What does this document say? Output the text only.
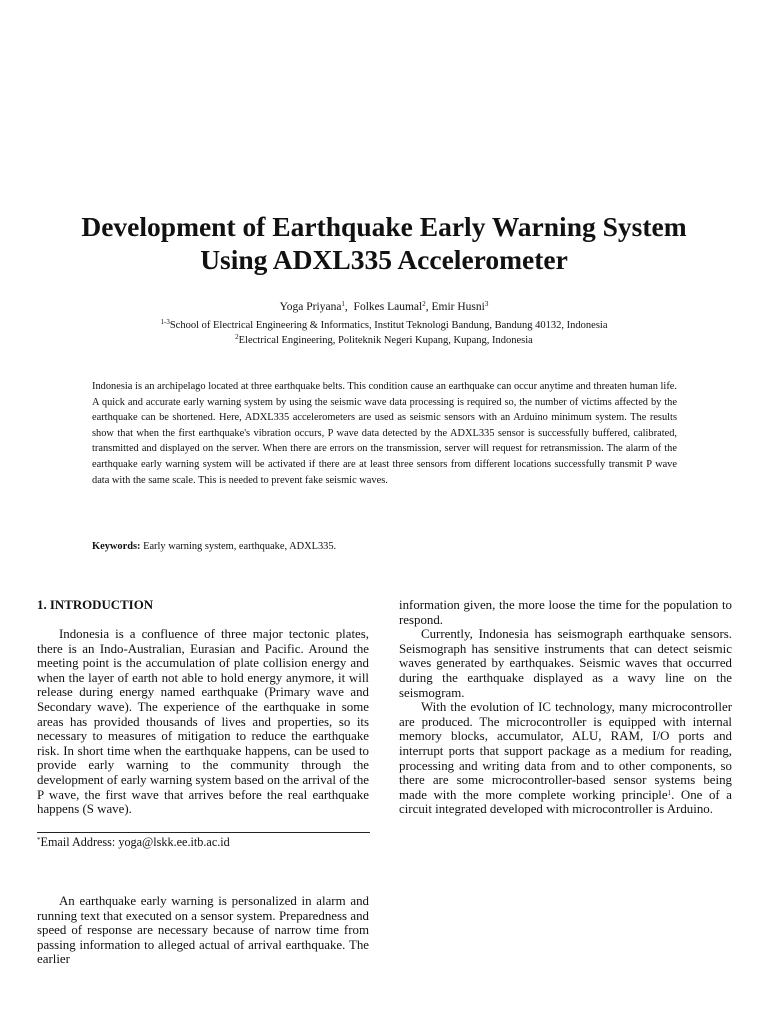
Development of Earthquake Early Warning System
Using ADXL335 Accelerometer
Yoga Priyana$^1$,  Folkes Laumal$^2$, Emir Husni$^3$
$^{1-3}$School of Electrical Engineering & Informatics, Institut Teknologi Bandung, Bandung 40132, Indonesia
$^2$Electrical Engineering, Politeknik Negeri Kupang, Kupang, Indonesia

Indonesia is an archipelago located at three earthquake belts. This condition cause an earthquake can occur anytime and threaten human life. A quick and accurate early warning system by using the seismic wave data processing is required so, the number of victims affected by the earthquake can be shortened. Here, ADXL335 accelerometers are used as seismic sensors with an Arduino minimum system. The results show that when the first earthquake's vibration occurs, P wave data detected by the ADXL335 sensor is successfully buffered, calibrated, transmitted and displayed on the server. When there are errors on the transmission, server will request for retransmission. The alarm of the earthquake early warning system will be activated if there are at least three sensors from different locations successfully transmit P wave data with the same scale. This is needed to prevent fake seismic waves.

Keywords: Early warning system, earthquake, ADXL335.

1. INTRODUCTION

Indonesia is a confluence of three major tectonic plates, there is an Indo-Australian, Eurasian and Pacific. Around the meeting point is the accumulation of plate collision energy and when the layer of earth not able to hold energy anymore, it will release during energy named earthquake (Primary wave and Secondary wave). The experience of the earthquake in some areas has provided thousands of lives and properties, so its necessary to measures of mitigation to reduce the earthquake risk. In short time when the earthquake happens, can be used to provide early warning to the community through the development of early warning system based on the arrival of the P wave, the first wave that arrives before the real earthquake happens (S wave).

*Email Address: yoga@lskk.ee.itb.ac.id

An earthquake early warning is personalized in alarm and running text that executed on a sensor system. Preparedness and speed of response are necessary because of narrow time from passing information to alleged actual of arrival earthquake. The earlier

information given, the more loose the time for the population to respond.

Currently, Indonesia has seismograph earthquake sensors. Seismograph has sensitive instruments that can detect seismic waves generated by earthquakes. Seismic waves that occurred during the earthquake displayed as a wavy line on the seismogram.

With the evolution of IC technology, many microcontroller are produced. The microcontroller is equipped with internal memory blocks, accumulator, ALU, RAM, I/O ports and interrupt ports that support package as a medium for reading, processing and writing data from and to other components, so there are some microcontroller-based sensor systems being made with the more complete working principle$^1$. One of a circuit integrated developed with microcontroller is Arduino.
